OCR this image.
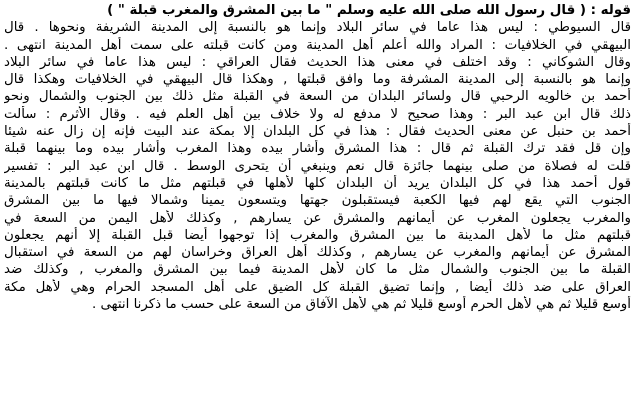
قوله : ( قال رسول الله صلى الله عليه وسلم " ما بين المشرق والمغرب قبلة " )
قال السيوطي : ليس هذا عاما في سائر البلاد وإنما هو بالنسبة إلى المدينة الشريفة ونحوها . قال
البيهقي في الخلافيات : المراد والله أعلم أهل المدينة ومن كانت قبلته على سمت أهل المدينة انتهى .
وقال الشوكاني : وقد اختلف في معنى هذا الحديث فقال العراقي : ليس هذا عاما في سائر البلاد
وإنما هو بالنسبة إلى المدينة المشرفة وما وافق قبلتها , وهكذا قال البيهقي في الخلافيات وهكذا قال
أحمد بن خالويه الرحبي قال ولسائر البلدان من السعة في القبلة مثل ذلك بين الجنوب والشمال ونحو
ذلك قال ابن عبد البر : وهذا صحيح لا مدفع له ولا خلاف بين أهل العلم فيه . وقال الأثرم : سألت
أحمد بن حنبل عن معنى الحديث فقال : هذا في كل البلدان إلا بمكة عند البيت فإنه إن زال عنه شيئا
وإن قل فقد ترك القبلة ثم قال : هذا المشرق وأشار بيده وهذا المغرب وأشار بيده وما بينهما قبلة
قلت له فصلاة من صلى بينهما جائزة قال نعم وينبغي أن يتحرى الوسط . قال ابن عبد البر : تفسير
قول أحمد هذا في كل البلدان يريد أن البلدان كلها لأهلها في قبلتهم مثل ما كانت قبلتهم بالمدينة
الجنوب التي يقع لهم فيها الكعبة فيستقبلون جهتها ويتسعون يمينا وشمالا فيها ما بين المشرق
والمغرب يجعلون المغرب عن أيمانهم والمشرق عن يسارهم , وكذلك لأهل اليمن من السعة في
قبلتهم مثل ما لأهل المدينة ما بين المشرق والمغرب إذا توجهوا أيضا قبل القبلة إلا أنهم يجعلون
المشرق عن أيمانهم والمغرب عن يسارهم , وكذلك أهل العراق وخراسان لهم من السعة في استقبال
القبلة ما بين الجنوب والشمال مثل ما كان لأهل المدينة فيما بين المشرق والمغرب , وكذلك ضد
العراق على ضد ذلك أيضا , وإنما تضيق القبلة كل الضيق على أهل المسجد الحرام وهي لأهل مكة
أوسع قليلا ثم هي لأهل الحرم أوسع قليلا ثم هي لأهل الآفاق من السعة على حسب ما ذكرنا انتهى .
